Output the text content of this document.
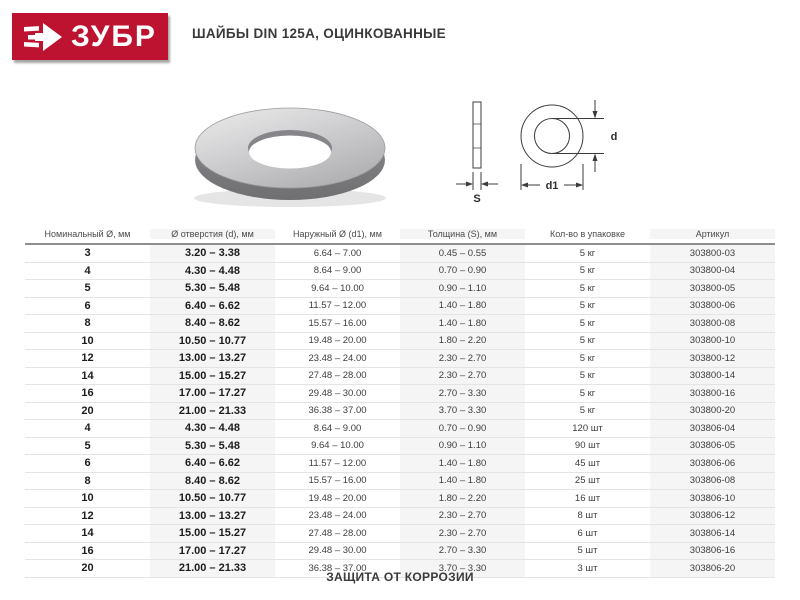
ЗУБР	ШАЙБЫ DIN 125А, ОЦИНКОВАННЫЕ
S
d
d1
Номинальный Ø, мм	Ø отверстия (d), мм	Наружный Ø (d1), мм	Толщина (S), мм	Кол-во в упаковке	Артикул
3	3.20 – 3.38	6.64 – 7.00	0.45 – 0.55	5 кг	303800-03
4	4.30 – 4.48	8.64 – 9.00	0.70 – 0.90	5 кг	303800-04
5	5.30 – 5.48	9.64 – 10.00	0.90 – 1.10	5 кг	303800-05
6	6.40 – 6.62	11.57 – 12.00	1.40 – 1.80	5 кг	303800-06
8	8.40 – 8.62	15.57 – 16.00	1.40 – 1.80	5 кг	303800-08
10	10.50 – 10.77	19.48 – 20.00	1.80 – 2.20	5 кг	303800-10
12	13.00 – 13.27	23.48 – 24.00	2.30 – 2.70	5 кг	303800-12
14	15.00 – 15.27	27.48 – 28.00	2.30 – 2.70	5 кг	303800-14
16	17.00 – 17.27	29.48 – 30.00	2.70 – 3.30	5 кг	303800-16
20	21.00 – 21.33	36.38 – 37.00	3.70 – 3.30	5 кг	303800-20
4	4.30 – 4.48	8.64 – 9.00	0.70 – 0.90	120 шт	303806-04
5	5.30 – 5.48	9.64 – 10.00	0.90 – 1.10	90 шт	303806-05
6	6.40 – 6.62	11.57 – 12.00	1.40 – 1.80	45 шт	303806-06
8	8.40 – 8.62	15.57 – 16.00	1.40 – 1.80	25 шт	303806-08
10	10.50 – 10.77	19.48 – 20.00	1.80 – 2.20	16 шт	303806-10
12	13.00 – 13.27	23.48 – 24.00	2.30 – 2.70	8 шт	303806-12
14	15.00 – 15.27	27.48 – 28.00	2.30 – 2.70	6 шт	303806-14
16	17.00 – 17.27	29.48 – 30.00	2.70 – 3.30	5 шт	303806-16
20	21.00 – 21.33	36.38 – 37.00	3.70 – 3.30	3 шт	303806-20
ЗАЩИТА ОТ КОРРОЗИИ
